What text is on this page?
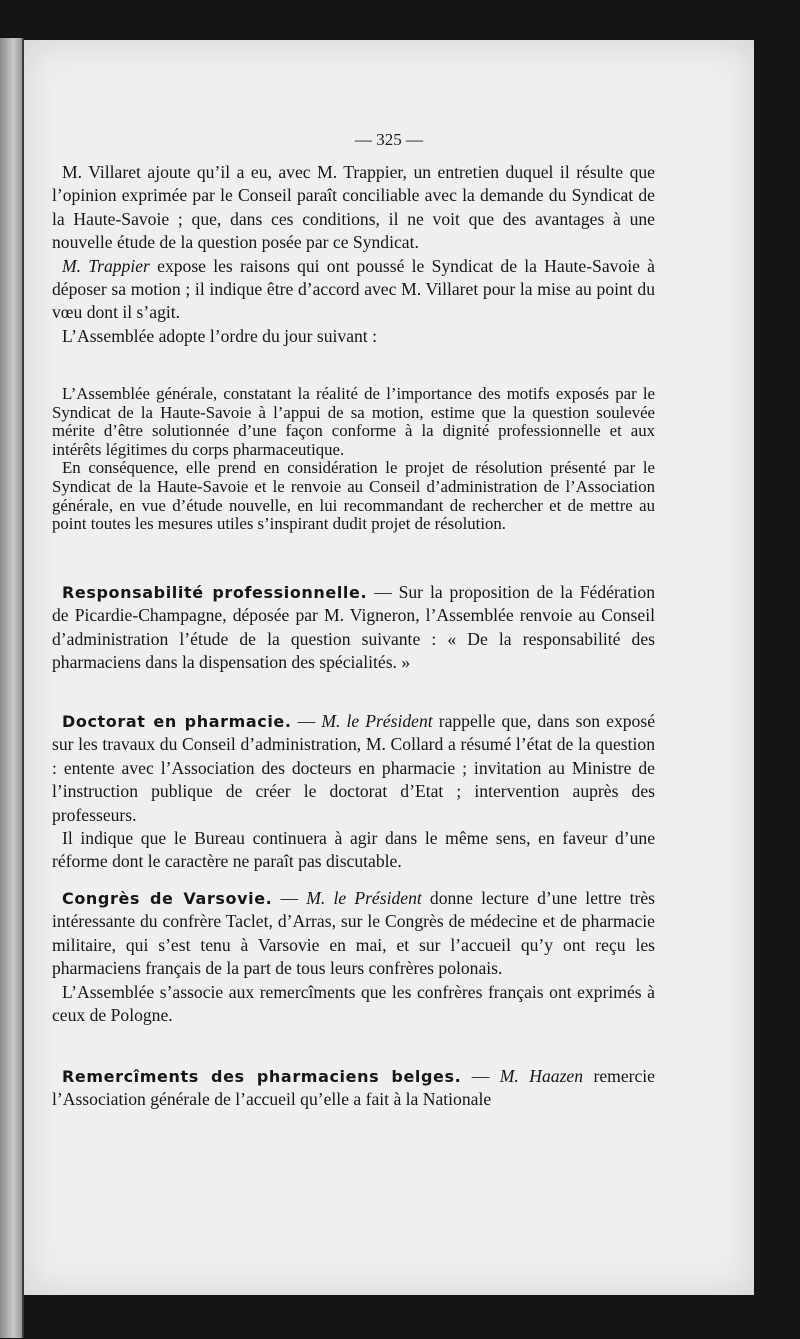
— 325 —

M. Villaret ajoute qu’il a eu, avec M. Trappier, un entretien duquel il résulte que l’opinion exprimée par le Conseil paraît conciliable avec la demande du Syndicat de la Haute-Savoie ; que, dans ces conditions, il ne voit que des avantages à une nouvelle étude de la question posée par ce Syndicat.

M. Trappier expose les raisons qui ont poussé le Syndicat de la Haute-Savoie à déposer sa motion ; il indique être d’accord avec M. Villaret pour la mise au point du vœu dont il s’agit.

L’Assemblée adopte l’ordre du jour suivant :

L’Assemblée générale, constatant la réalité de l’importance des motifs exposés par le Syndicat de la Haute-Savoie à l’appui de sa motion, estime que la question soulevée mérite d’être solutionnée d’une façon conforme à la dignité professionnelle et aux intérêts légitimes du corps pharmaceutique.

En conséquence, elle prend en considération le projet de résolution présenté par le Syndicat de la Haute-Savoie et le renvoie au Conseil d’administration de l’Association générale, en vue d’étude nouvelle, en lui recommandant de rechercher et de mettre au point toutes les mesures utiles s’inspirant dudit projet de résolution.

Responsabilité professionnelle. — Sur la proposition de la Fédération de Picardie-Champagne, déposée par M. Vigneron, l’Assemblée renvoie au Conseil d’administration l’étude de la question suivante : « De la responsabilité des pharmaciens dans la dispensation des spécialités. »

Doctorat en pharmacie. — M. le Président rappelle que, dans son exposé sur les travaux du Conseil d’administration, M. Collard a résumé l’état de la question : entente avec l’Association des docteurs en pharmacie ; invitation au Ministre de l’instruction publique de créer le doctorat d’Etat ; intervention auprès des professeurs.

Il indique que le Bureau continuera à agir dans le même sens, en faveur d’une réforme dont le caractère ne paraît pas discutable.

Congrès de Varsovie. — M. le Président donne lecture d’une lettre très intéressante du confrère Taclet, d’Arras, sur le Congrès de médecine et de pharmacie militaire, qui s’est tenu à Varsovie en mai, et sur l’accueil qu’y ont reçu les pharmaciens français de la part de tous leurs confrères polonais.

L’Assemblée s’associe aux remercîments que les confrères français ont exprimés à ceux de Pologne.

Remercîments des pharmaciens belges. — M. Haazen remercie l’Association générale de l’accueil qu’elle a fait à la Nationale
